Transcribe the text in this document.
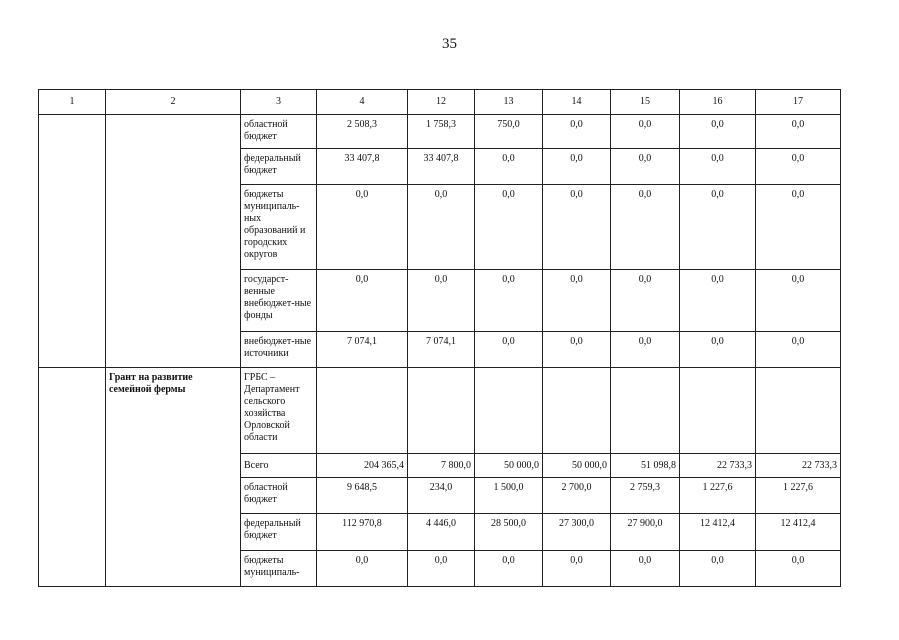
35
1	2	3	4	12	13	14	15	16	17
		областной бюджет	2 508,3	1 758,3	750,0	0,0	0,0	0,0	0,0
		федеральный бюджет	33 407,8	33 407,8	0,0	0,0	0,0	0,0	0,0
		бюджеты муниципаль-ных образований и городских округов	0,0	0,0	0,0	0,0	0,0	0,0	0,0
		государст-венные внебюджет-ные фонды	0,0	0,0	0,0	0,0	0,0	0,0	0,0
		внебюджет-ные источники	7 074,1	7 074,1	0,0	0,0	0,0	0,0	0,0
	Грант на развитие семейной фермы	ГРБС – Департамент сельского хозяйства Орловской области							
		Всего	204 365,4	7 800,0	50 000,0	50 000,0	51 098,8	22 733,3	22 733,3
		областной бюджет	9 648,5	234,0	1 500,0	2 700,0	2 759,3	1 227,6	1 227,6
		федеральный бюджет	112 970,8	4 446,0	28 500,0	27 300,0	27 900,0	12 412,4	12 412,4
		бюджеты муниципаль-	0,0	0,0	0,0	0,0	0,0	0,0	0,0
